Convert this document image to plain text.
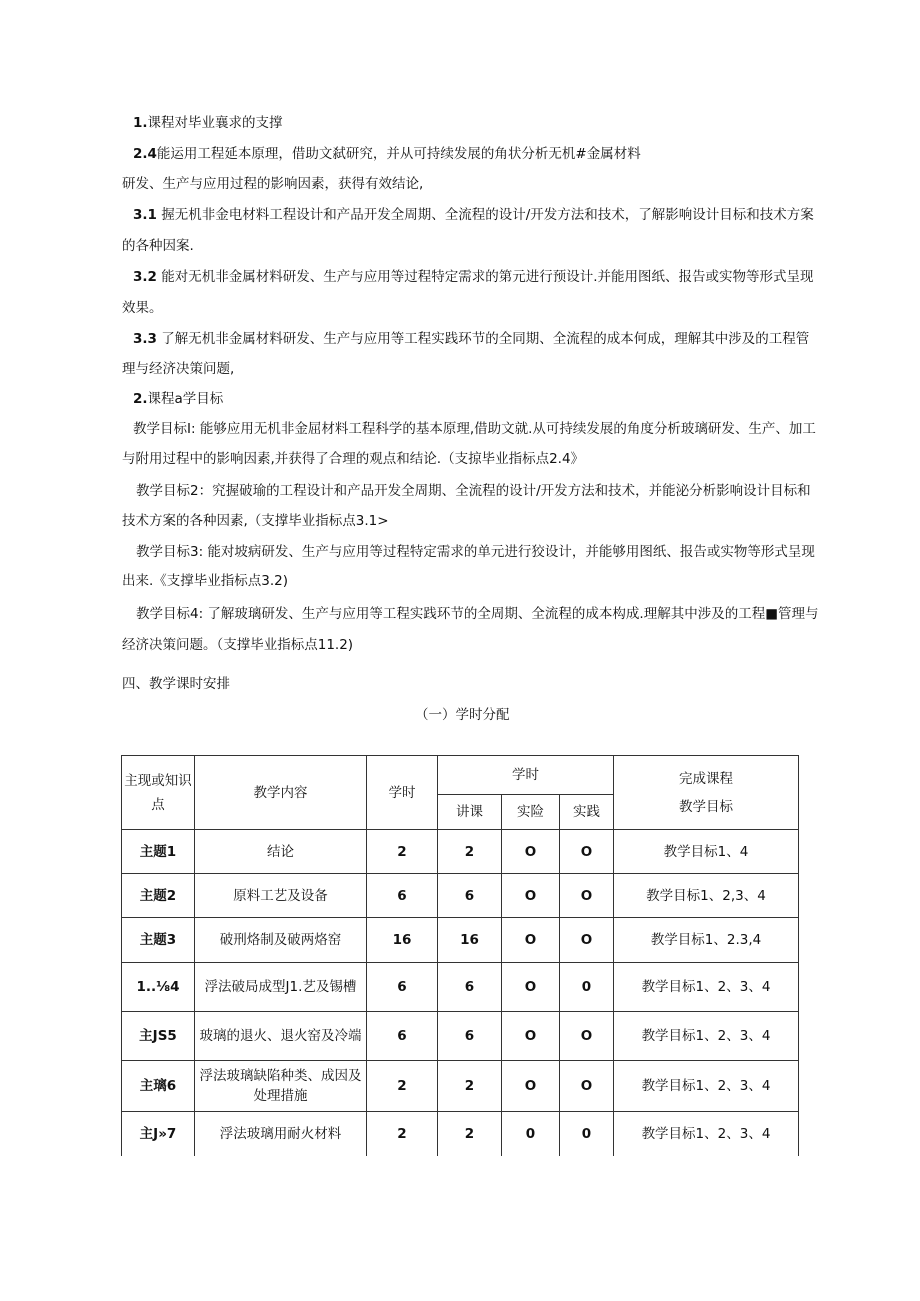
1.课程对毕业襄求的支撑
2.4能运用工程延本原理，借助文弑研究，并从可持续发展的角状分析无机#金属材料
研发、生产与应用过程的影响因素，获得有效结论,
3.1 握无机非金电材料工程设计和产品开发全周期、全流程的设计/开发方法和技术，了解影响设计目标和技术方案
的各种因案.
3.2 能对无机非金属材料研发、生产与应用等过程特定需求的第元进行预设计.并能用图纸、报告或实物等形式呈现
效果。
3.3 了解无机非金属材料研发、生产与应用等工程实践环节的全同期、全流程的成本何成，理解其中涉及的工程管
理与经济决策问题,
2.课程a学目标
教学目标I: 能够应用无机非金屈材料工程科学的基本原理,借助文就.从可持续发展的角度分析玻璃研发、生产、加工
与附用过程中的影响因素,并获得了合理的观点和结论.（支掠毕业指标点2.4》
教学目标2：究握破瑜的工程设计和产品开发全周期、全流程的设计/开发方法和技术，并能泌分析影响设计目标和
技术方案的各种因素,（支撑毕业指标点3.1>
教学目标3: 能对坡病研发、生产与应用等过程特定需求的单元进行狡设计，并能够用图纸、报告或实物等形式呈现
出来.《支撑毕业指标点3.2)
教学目标4: 了解玻璃研发、生产与应用等工程实践环节的全周期、全流程的成本构成.理解其中涉及的工程■管理与
经济决策问题。（支撑毕业指标点11.2)
四、教学课时安排
（一）学时分配
主现或知识点	教学内容	学时	学时			完成课程
教学目标

			讲课	实险	实践	
主题1	结论	2	2	O	O	教学目标1、4
主题2	原料工艺及设备	6	6	O	O	教学目标1、2,3、4
主题3	破刑烙制及破两烙窑	16	16	O	O	教学目标1、2.3,4
1..⅛4	浮法破局成型J1.艺及锡槽	6	6	O	0	教学目标1、2、3、4
主JS5	玻璃的退火、退火窑及冷端	6	6	O	O	教学目标1、2、3、4
主璃6	浮法玻璃缺陷种类、成因及处理措施	2	2	O	O	教学目标1、2、3、4
主J»7	浮法玻璃用耐火材料	2	2	0	0	教学目标1、2、3、4
